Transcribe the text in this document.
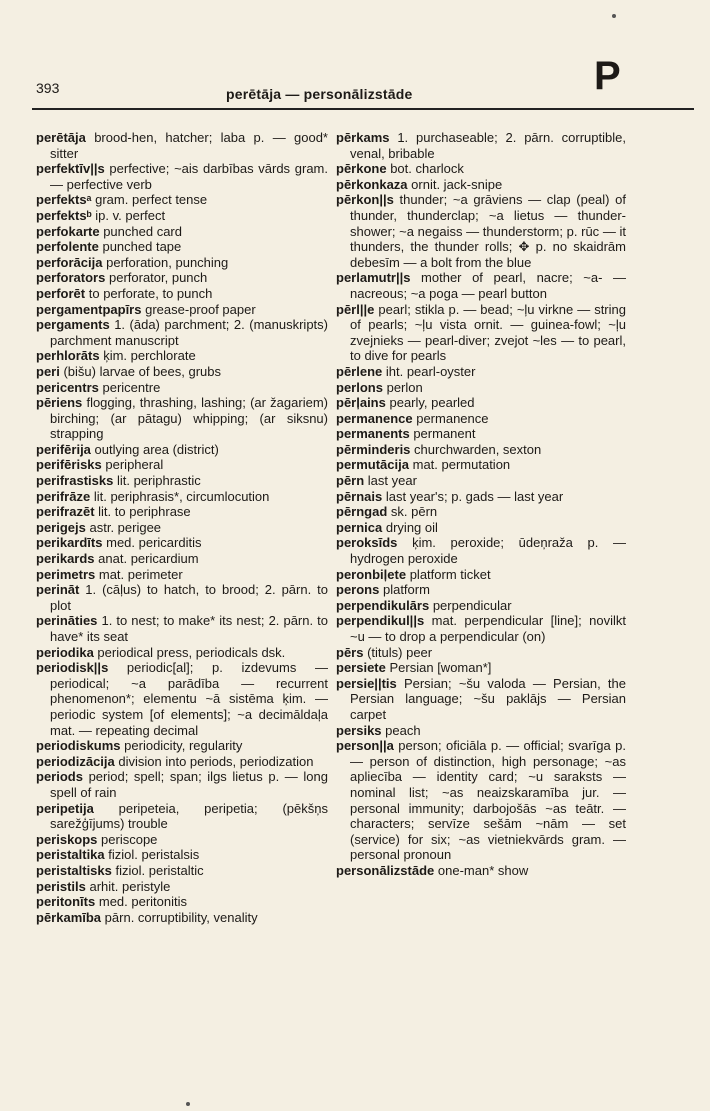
393	perētāja — personālizstāde	P

perētāja brood-hen, hatcher; laba p. — good* sitter

perfektīv||s perfective; ~ais darbības vārds gram. — perfective verb

perfektsᵃ gram. perfect tense

perfektsᵇ ip. v. perfect

perfokarte punched card

perfolente punched tape

perforācija perforation, punching

perforators perforator, punch

perforēt to perforate, to punch

pergamentpapīrs grease-proof paper

pergaments 1. (āda) parchment; 2. (manuskripts) parchment manuscript

perhlorāts ķim. perchlorate

peri (bišu) larvae of bees, grubs

pericentrs pericentre

pēriens flogging, thrashing, lashing; (ar žagariem) birching; (ar pātagu) whipping; (ar siksnu) strapping

perifērija outlying area (district)

perifērisks peripheral

perifrastisks lit. periphrastic

perifrāze lit. periphrasis*, circumlocution

perifrazēt lit. to periphrase

perigejs astr. perigee

perikardīts med. pericarditis

perikards anat. pericardium

perimetrs mat. perimeter

perināt 1. (cāļus) to hatch, to brood; 2. pārn. to plot

perināties 1. to nest; to make* its nest; 2. pārn. to have* its seat

periodika periodical press, periodicals dsk.

periodisk||s periodic[al]; p. izdevums — periodical; ~a parādība — recurrent phenomenon*; elementu ~ā sistēma ķim. — periodic system [of elements]; ~a decimāldaļa mat. — repeating decimal

periodiskums periodicity, regularity

periodizācija division into periods, periodization

periods period; spell; span; ilgs lietus p. — long spell of rain

peripetija peripeteia, peripetia; (pēkšņs sarežģījums) trouble

periskops periscope

peristaltika fiziol. peristalsis

peristaltisks fiziol. peristaltic

peristils arhit. peristyle

peritonīts med. peritonitis

pērkamība pārn. corruptibility, venality

pērkams 1. purchaseable; 2. pārn. corruptible, venal, bribable

pērkone bot. charlock

pērkonkaza ornit. jack-snipe

pērkon||s thunder; ~a grāviens — clap (peal) of thunder, thunderclap; ~a lietus — thunder-shower; ~a negaiss — thunderstorm; p. rūc — it thunders, the thunder rolls; ✥ p. no skaidrām debesīm — a bolt from the blue

perlamutr||s mother of pearl, nacre; ~a- — nacreous; ~a poga — pearl button

pērl||e pearl; stikla p. — bead; ~ļu virkne — string of pearls; ~ļu vista ornit. — guinea-fowl; ~ļu zvejnieks — pearl-diver; zvejot ~les — to pearl, to dive for pearls

pērlene iht. pearl-oyster

perlons perlon

pērļains pearly, pearled

permanence permanence

permanents permanent

pērminderis churchwarden, sexton

permutācija mat. permutation

pērn last year

pērnais last year's; p. gads — last year

pērngad sk. pērn

pernica drying oil

peroksīds ķim. peroxide; ūdeņraža p. — hydrogen peroxide

peronbiļete platform ticket

perons platform

perpendikulārs perpendicular

perpendikul||s mat. perpendicular [line]; novilkt ~u — to drop a perpendicular (on)

pērs (tituls) peer

persiete Persian [woman*]

persie||tis Persian; ~šu valoda — Persian, the Persian language; ~šu paklājs — Persian carpet

persiks peach

person||a person; oficiāla p. — official; svarīga p. — person of distinction, high personage; ~as apliecība — identity card; ~u saraksts — nominal list; ~as neaizskaramība jur. — personal immunity; darbojošās ~as teātr. — characters; servīze sešām ~nām — set (service) for six; ~as vietniekvārds gram. — personal pronoun

personālizstāde one-man* show
